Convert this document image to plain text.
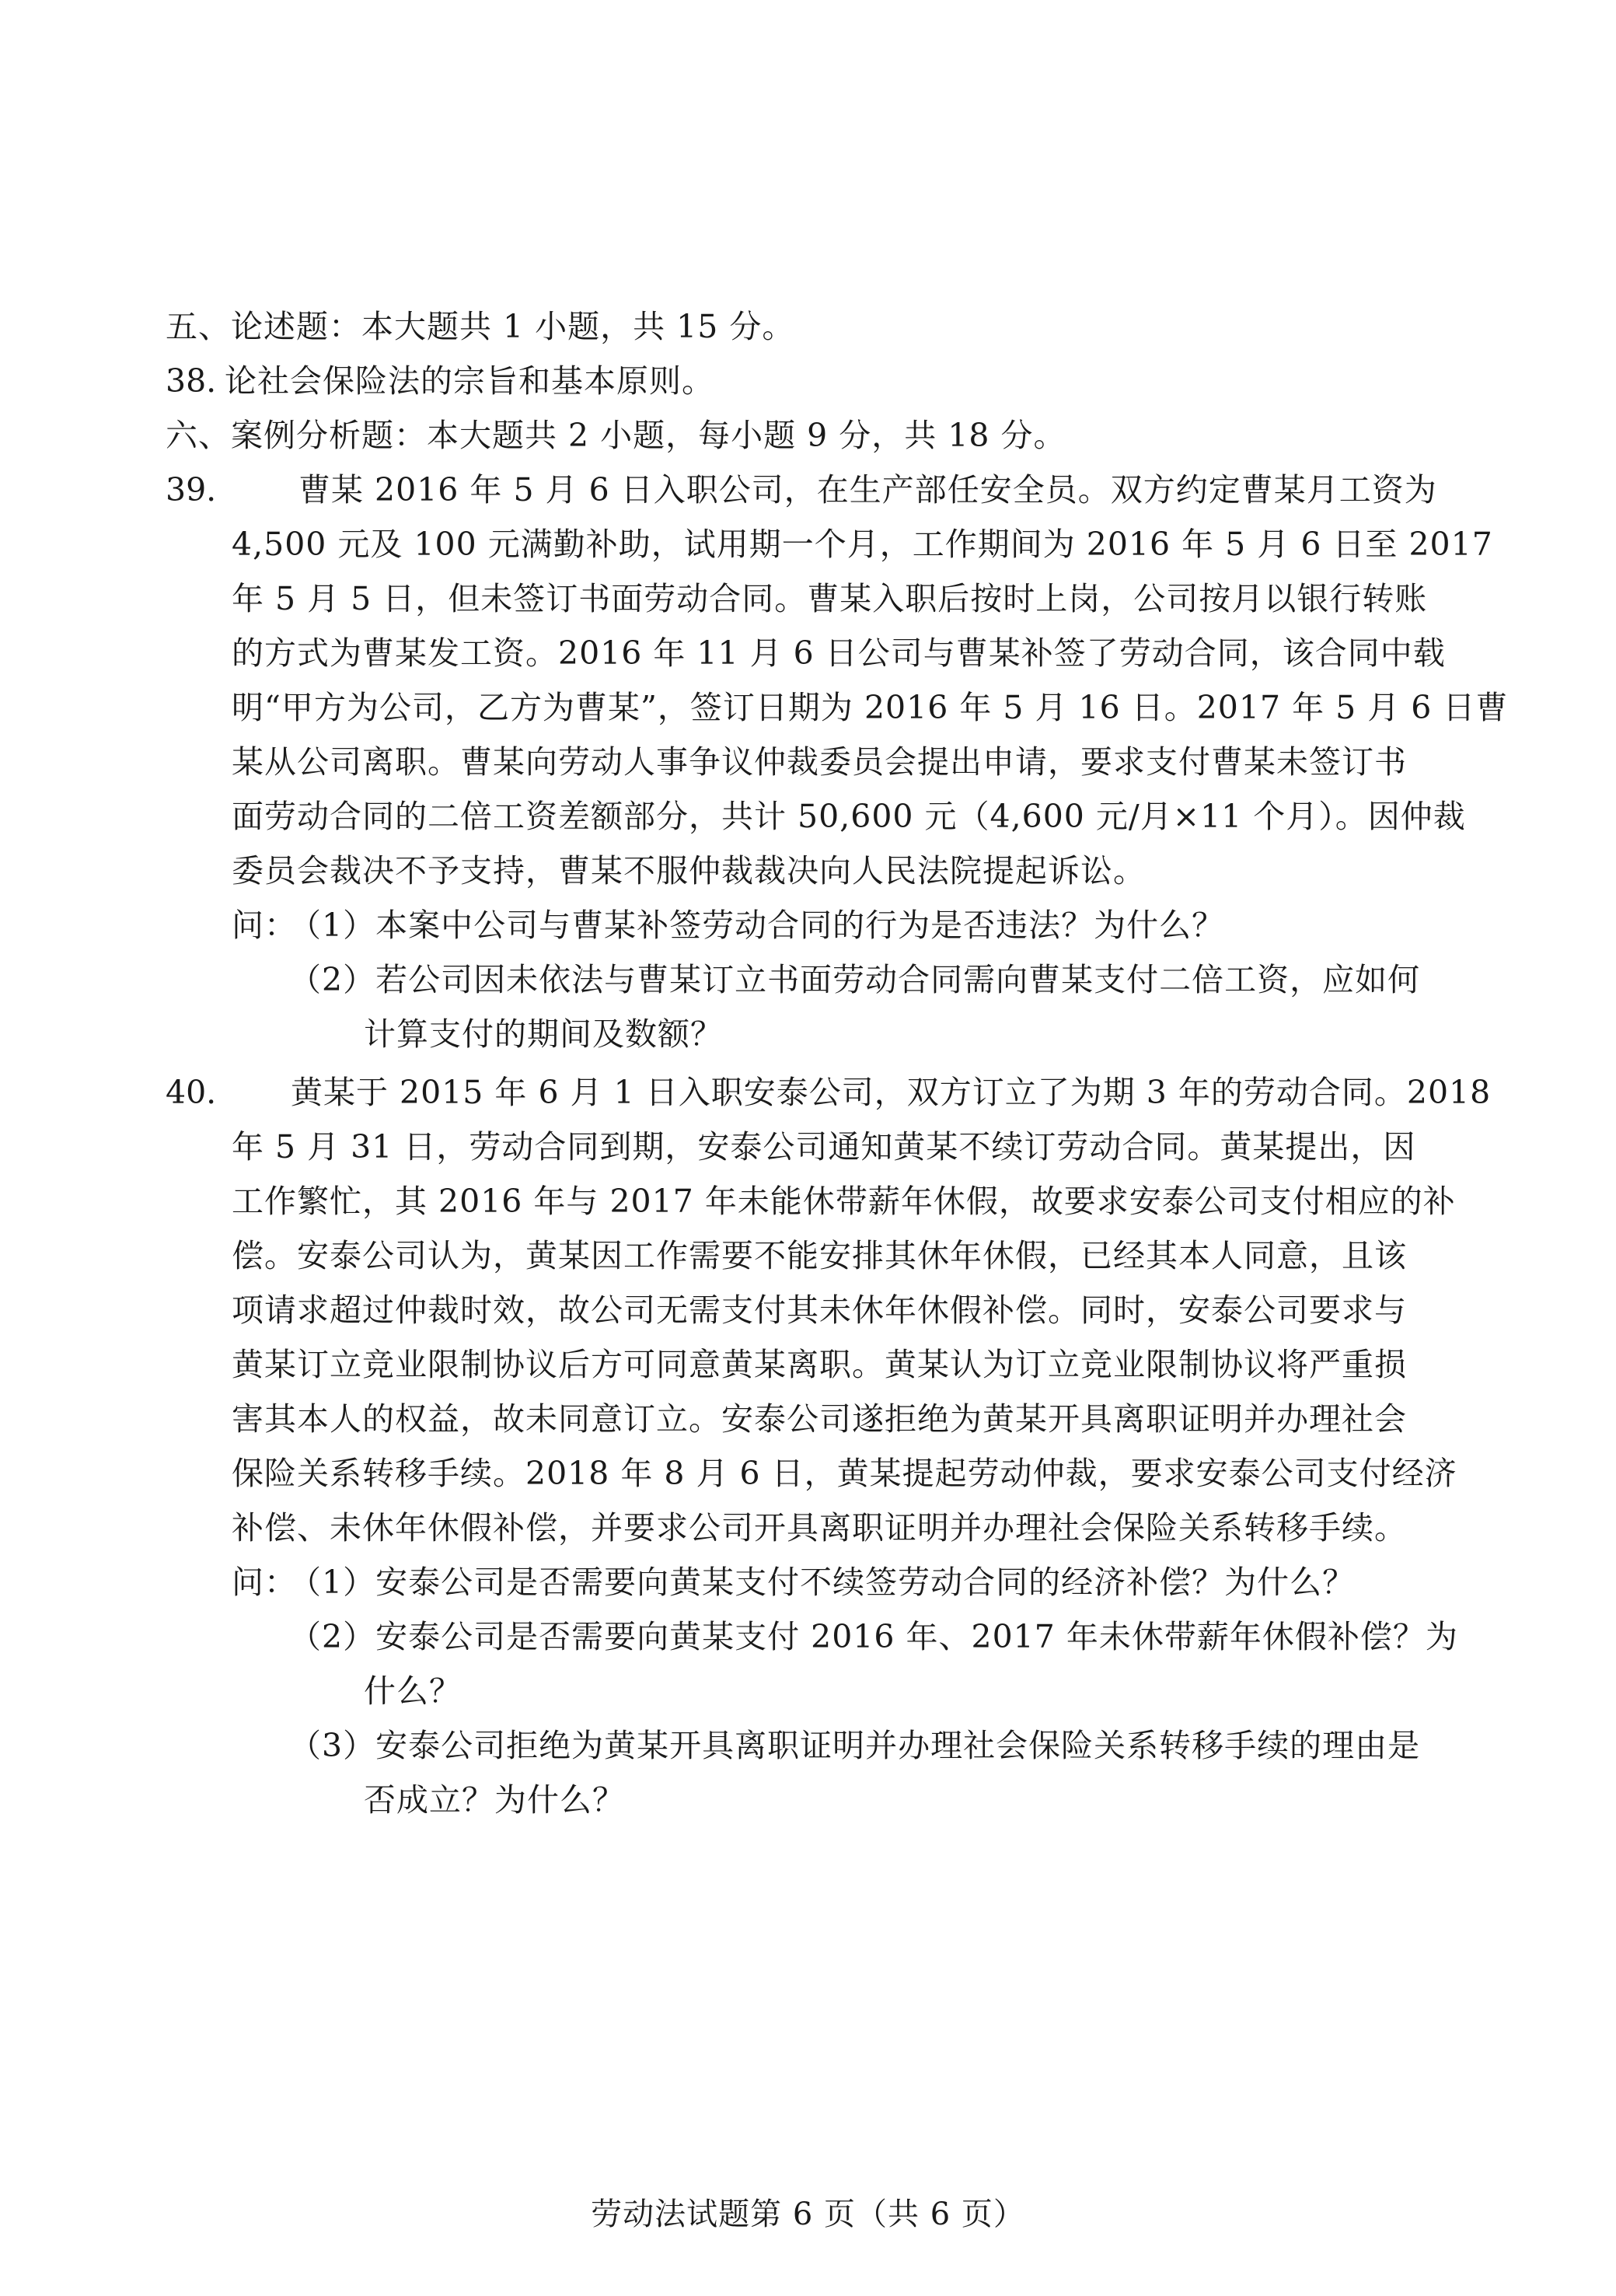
五、论述题：本大题共 1 小题，共 15 分。
38. 论社会保险法的宗旨和基本原则。
六、案例分析题：本大题共 2 小题，每小题 9 分，共 18 分。
39.	曹某 2016 年 5 月 6 日入职公司，在生产部任安全员。双方约定曹某月工资为
4,500 元及 100 元满勤补助，试用期一个月，工作期间为 2016 年 5 月 6 日至 2017
年 5 月 5 日，但未签订书面劳动合同。曹某入职后按时上岗，公司按月以银行转账
的方式为曹某发工资。2016 年 11 月 6 日公司与曹某补签了劳动合同，该合同中载
明“甲方为公司，乙方为曹某”，签订日期为 2016 年 5 月 16 日。2017 年 5 月 6 日曹
某从公司离职。曹某向劳动人事争议仲裁委员会提出申请，要求支付曹某未签订书
面劳动合同的二倍工资差额部分，共计 50,600 元（4,600 元/月×11 个月）。因仲裁
委员会裁决不予支持，曹某不服仲裁裁决向人民法院提起诉讼。
问：
（1）本案中公司与曹某补签劳动合同的行为是否违法？为什么？
（2）若公司因未依法与曹某订立书面劳动合同需向曹某支付二倍工资，应如何
计算支付的期间及数额？
40. 黄某于 2015 年 6 月 1 日入职安泰公司，双方订立了为期 3 年的劳动合同。2018
年 5 月 31 日，劳动合同到期，安泰公司通知黄某不续订劳动合同。黄某提出，因
工作繁忙，其 2016 年与 2017 年未能休带薪年休假，故要求安泰公司支付相应的补
偿。安泰公司认为，黄某因工作需要不能安排其休年休假，已经其本人同意，且该
项请求超过仲裁时效，故公司无需支付其未休年休假补偿。同时，安泰公司要求与
黄某订立竞业限制协议后方可同意黄某离职。黄某认为订立竞业限制协议将严重损
害其本人的权益，故未同意订立。安泰公司遂拒绝为黄某开具离职证明并办理社会
保险关系转移手续。2018 年 8 月 6 日，黄某提起劳动仲裁，要求安泰公司支付经济
补偿、未休年休假补偿，并要求公司开具离职证明并办理社会保险关系转移手续。
问：
（1）安泰公司是否需要向黄某支付不续签劳动合同的经济补偿？为什么？
（2）安泰公司是否需要向黄某支付 2016 年、2017 年未休带薪年休假补偿？为
什么？
（3）安泰公司拒绝为黄某开具离职证明并办理社会保险关系转移手续的理由是
否成立？为什么？
劳动法试题第 6 页（共 6 页）
